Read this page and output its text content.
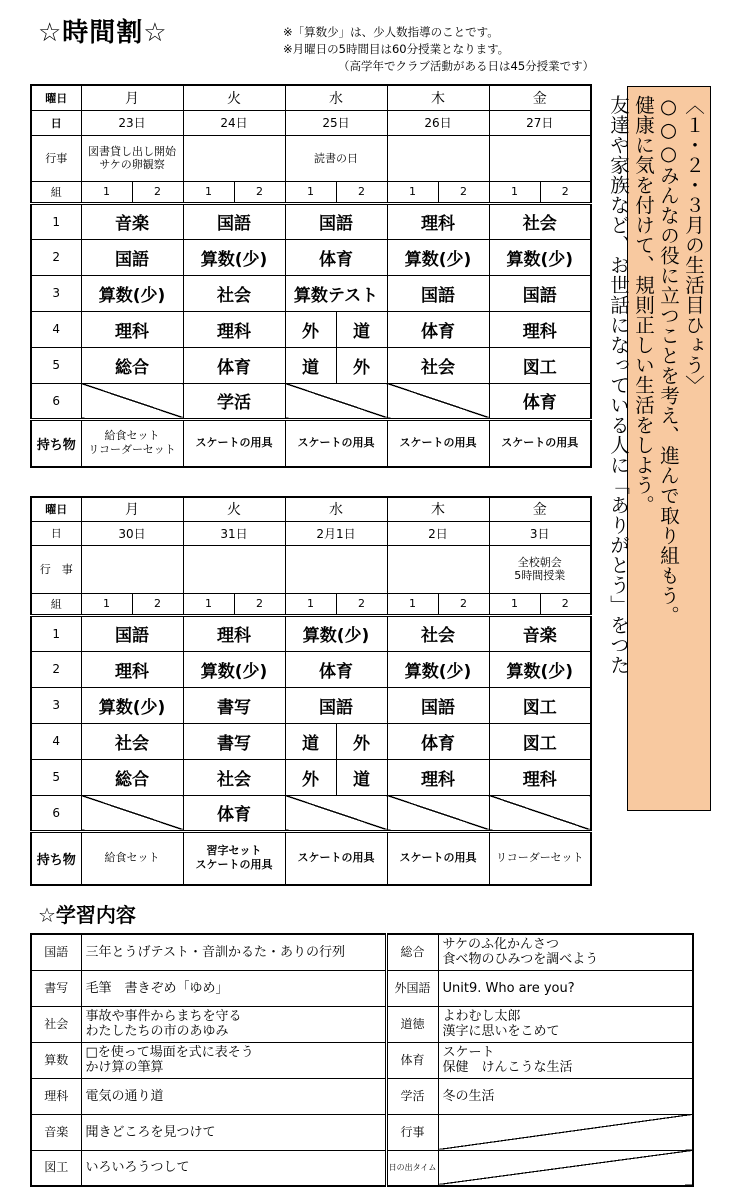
☆時間割☆	※「算数少」は、少人数指導のことです。
※月曜日の5時間目は60分授業となります。
（高学年でクラブ活動がある日は45分授業です）
曜日	月		火		水		木		金	
日	23日		24日		25日		26日		27日	
行事	図書貸し出し開始
サケの卵観察				読書の日					
組	1	2	1	2	1	2	1	2	1	2
1	音楽		国語		国語		理科		社会	
2	国語		算数(少)		体育		算数(少)		算数(少)	
3	算数(少)		社会		算数テスト		国語		国語	
4	理科		理科		外	道	体育		理科	
5	総合		体育		道	外	社会		図工	
6			学活						体育	
持ち物	給食セット
リコーダーセット		スケートの用具		スケートの用具		スケートの用具		スケートの用具	
曜日	月		火		水		木		金	
日	30日		31日		2月1日		2日		3日	
行　事									全校朝会
5時間授業	
組	1	2	1	2	1	2	1	2	1	2
1	国語		理科		算数(少)		社会		音楽	
2	理科		算数(少)		体育		算数(少)		算数(少)	
3	算数(少)		書写		国語		国語		図工	
4	社会		書写		道	外	体育		図工	
5	総合		社会		外	道	理科		理科	
6			体育							
持ち物	給食セット		習字セット
スケートの用具		スケートの用具		スケートの用具		リコーダーセット	
〈１・２・３月の生活目ひょう〉
○○○みんなの役に立つことを考え、進んで取り組もう。
健康に気を付けて、規則正しい生活をしよう。
友達や家族など、お世話になっている人に「ありがとう」をつた
☆学習内容
国語	三年とうげテスト・音訓かるた・ありの行列	総合	サケのふ化かんさつ
食べ物のひみつを調べよう
書写	毛筆　書きぞめ「ゆめ」	外国語	Unit9. Who are you?
社会	事故や事件からまちを守る
わたしたちの市のあゆみ	道徳	よわむし太郎
漢字に思いをこめて
算数	□を使って場面を式に表そう
かけ算の筆算	体育	スケート
保健　けんこうな生活
理科	電気の通り道	学活	冬の生活
音楽	聞きどころを見つけて	行事	
図工	いろいろうつして	日の出タイム	
